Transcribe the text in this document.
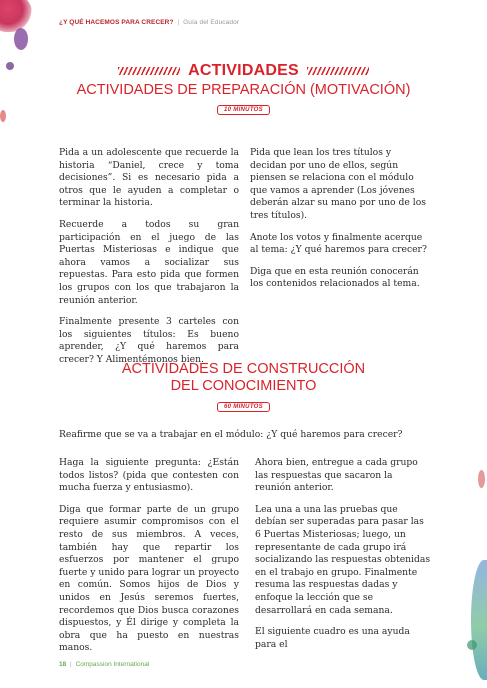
¿Y QUÉ HACEMOS PARA CRECER? | Guía del Educador
ACTIVIDADES
ACTIVIDADES DE PREPARACIÓN (MOTIVACIÓN)
10 MINUTOS

Pida a un adolescente que recuerde la historia “Daniel, crece y toma decisiones”. Si es necesario pida a otros que le ayuden a completar o terminar la historia.

Recuerde a todos su gran participación en el juego de las Puertas Misteriosas e indique que ahora vamos a socializar sus repuestas. Para esto pida que formen los grupos con los que trabajaron la reunión anterior.

Finalmente presente 3 carteles con los siguientes títulos: Es bueno aprender, ¿Y qué haremos para crecer? Y Alimentémonos bien.

Pida que lean los tres títulos y decidan por uno de ellos, según piensen se relaciona con el módulo que vamos a aprender (Los jóvenes deberán alzar su mano por uno de los tres títulos).

Anote los votos y finalmente acerque al tema: ¿Y qué haremos para crecer?

Diga que en esta reunión conocerán los contenidos relacionados al tema.

ACTIVIDADES DE CONSTRUCCIÓN
DEL CONOCIMIENTO
60 MINUTOS
Reafirme que se va a trabajar en el módulo: ¿Y qué haremos para crecer?

Haga la siguiente pregunta: ¿Están todos listos? (pida que contesten con mucha fuerza y entusiasmo).

Diga que formar parte de un grupo requiere asumir compromisos con el resto de sus miembros. A veces, también hay que repartir los esfuerzos por mantener el grupo fuerte y unido para lograr un proyecto en común. Somos hijos de Dios y unidos en Jesús seremos fuertes, recordemos que Dios busca corazones dispuestos, y Él dirige y completa la obra que ha puesto en nuestras manos.

Ahora bien, entregue a cada grupo las respuestas que sacaron la reunión anterior.

Lea una a una las pruebas que debían ser superadas para pasar las 6 Puertas Misteriosas; luego, un representante de cada grupo irá socializando las respuestas obtenidas en el trabajo en grupo. Finalmente resuma las respuestas dadas y enfoque la lección que se desarrollará en cada semana.

El siguiente cuadro es una ayuda para el

18 | Compassion International
